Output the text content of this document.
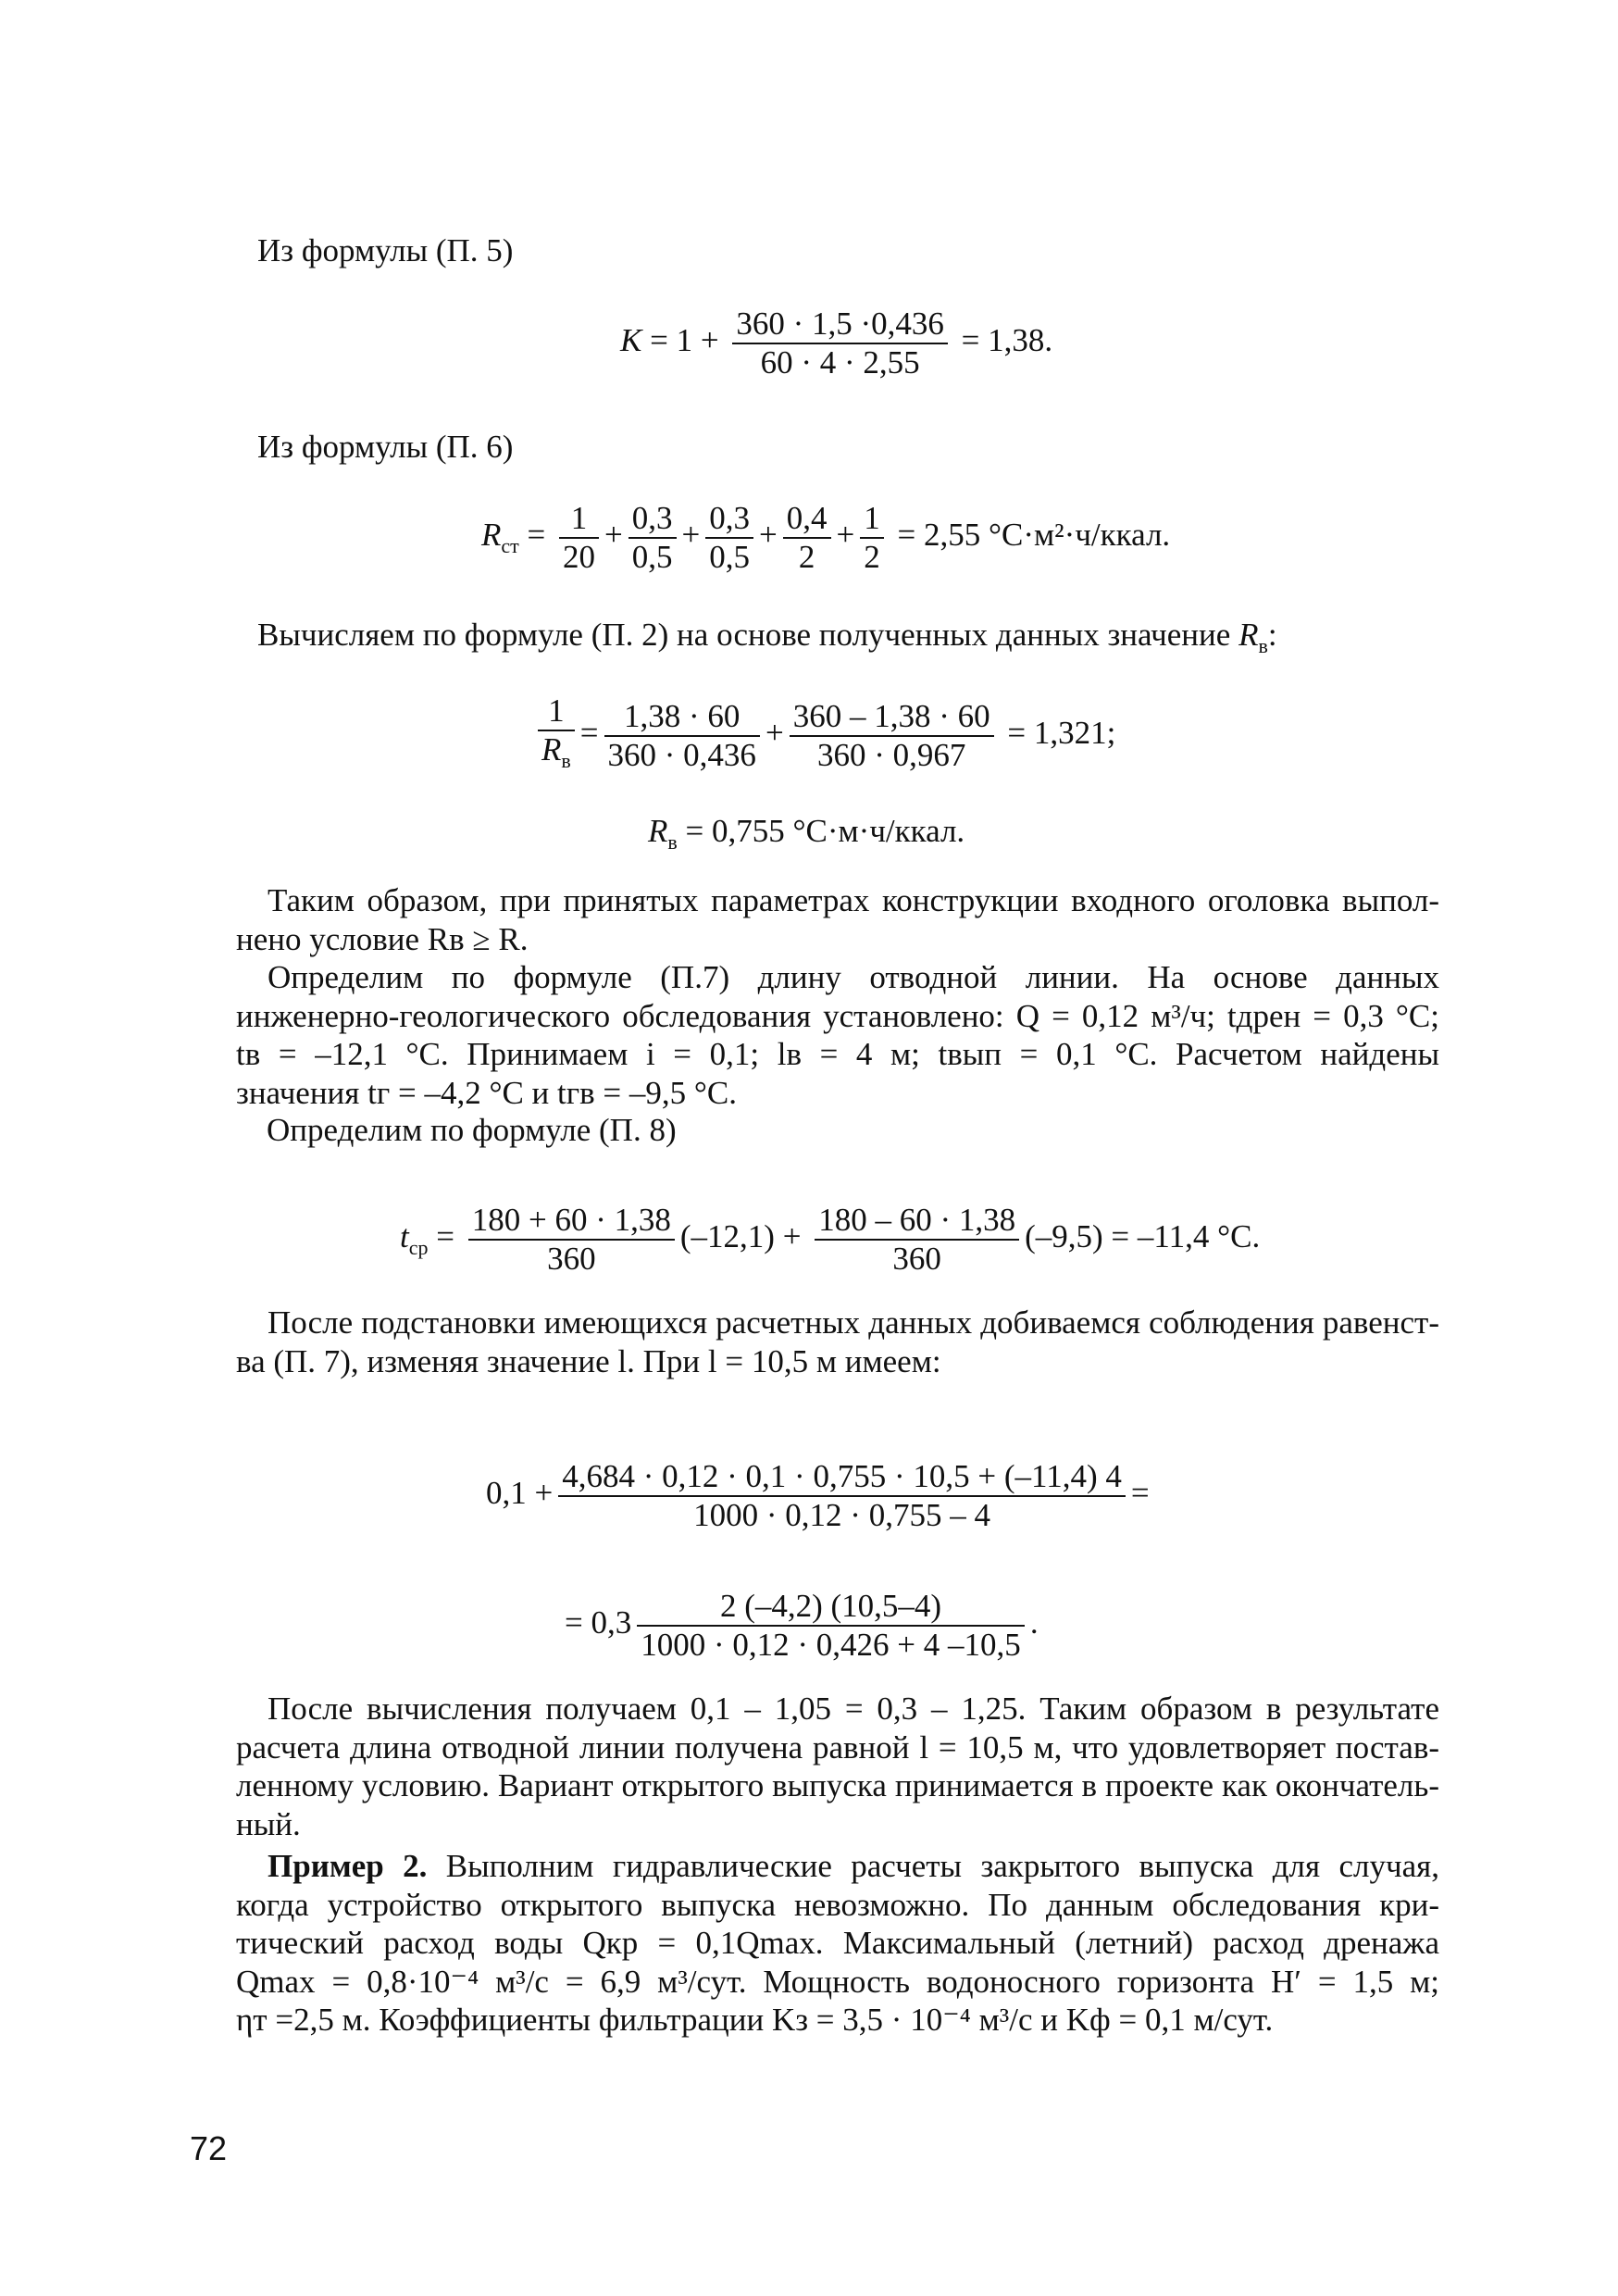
Из формулы (П. 5)
$K = 1 + \frac{360 \cdot 1,5 \cdot 0,436}{60 \cdot 4 \cdot 2,55} = 1,38$.
Из формулы (П. 6)
$R_{ст} = \frac{1}{20} + \frac{0,3}{0,5} + \frac{0,3}{0,5} + \frac{0,4}{2} + \frac{1}{2} = 2,55$ °С·м²·ч/ккал.
Вычисляем по формуле (П. 2) на основе полученных данных значение $R_в$:
$\frac{1}{R_в} = \frac{1,38 \cdot 60}{360 \cdot 0,436} + \frac{360 - 1,38 \cdot 60}{360 \cdot 0,967} = 1,321$;
$R_в = 0,755$ °С·м·ч/ккал.
Таким образом, при принятых параметрах конструкции входного оголовка выпол-
нено условие Rв ≥ R.
Определим по формуле (П.7) длину отводной линии. На основе данных
инженерно-геологического обследования установлено: Q = 0,12 м³/ч; tдрен = 0,3 °С;
tв = –12,1 °С. Принимаем i = 0,1; lв = 4 м; tвып = 0,1 °С. Расчетом найдены
значения tг = –4,2 °С и tгв = –9,5 °С.
Определим по формуле (П. 8)
$t_{ср} = \frac{180 + 60 \cdot 1,38}{360} (-12,1) + \frac{180 - 60 \cdot 1,38}{360} (-9,5) = -11,4$ °С.
После подстановки имеющихся расчетных данных добиваемся соблюдения равенст-
ва (П. 7), изменяя значение l. При l = 10,5 м имеем:
$0,1 + \frac{4,684 \cdot 0,12 \cdot 0,1 \cdot 0,755 \cdot 10,5 + (-11,4) 4}{1000 \cdot 0,12 \cdot 0,755 - 4}$ =
= $0,3 \frac{2 (-4,2) (10,5-4)}{1000 \cdot 0,12 \cdot 0,426 + 4 -10,5}$ .
После вычисления получаем 0,1 – 1,05 = 0,3 – 1,25. Таким образом в результате
расчета длина отводной линии получена равной l = 10,5 м, что удовлетворяет постав-
ленному условию. Вариант открытого выпуска принимается в проекте как окончатель-
ный.
Пример 2. Выполним гидравлические расчеты закрытого выпуска для случая,
когда устройство открытого выпуска невозможно. По данным обследования кри-
тический расход воды Qкр = 0,1Qmax. Максимальный (летний) расход дренажа
Qmax = 0,8·10⁻⁴ м³/с = 6,9 м³/сут. Мощность водоносного горизонта H′ = 1,5 м;
ηт =2,5 м. Коэффициенты фильтрации Kз = 3,5 · 10⁻⁴ м³/с и Kф = 0,1 м/сут.
72
